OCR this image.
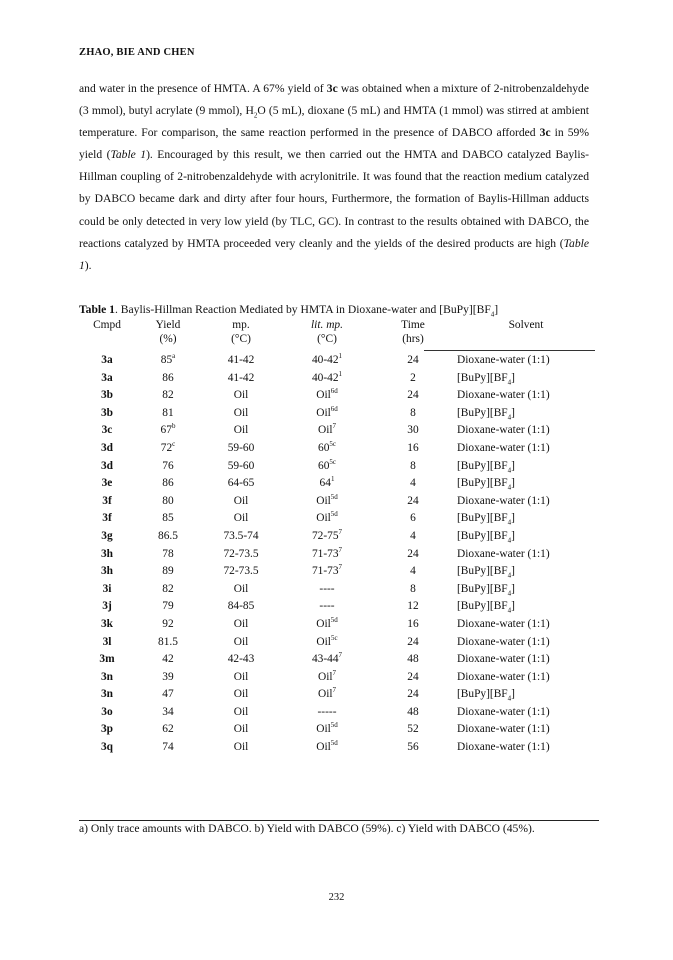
ZHAO, BIE AND CHEN

and water in the presence of HMTA. A 67% yield of 3c was obtained when a mixture of 2-nitrobenzaldehyde (3 mmol), butyl acrylate (9 mmol), $H_2O$ (5 mL), dioxane (5 mL) and HMTA (1 mmol) was stirred at ambient temperature. For comparison, the same reaction performed in the presence of DABCO afforded 3c in 59% yield (Table 1). Encouraged by this result, we then carried out the HMTA and DABCO catalyzed Baylis-Hillman coupling of 2-nitrobenzaldehyde with acrylonitrile. It was found that the reaction medium catalyzed by DABCO became dark and dirty after four hours, Furthermore, the formation of Baylis-Hillman adducts could be only detected in very low yield (by TLC, GC). In contrast to the results obtained with DABCO, the reactions catalyzed by HMTA proceeded very cleanly and the yields of the desired products are high (Table 1).

Table 1. Baylis-Hillman Reaction Mediated by HMTA in Dioxane-water and $[BuPy][BF_4]$

Cmpd	Yield	mp.	lit. mp.	Time	Solvent
	(%)	(°C)	(°C)	(hrs)	
3a	85$^a$	41-42	$40-42^1$	24	Dioxane-water (1:1)
3a	86	41-42	$40-42^1$	2	$[BuPy][BF_4]$
3b	82	Oil	Oil$^{6d}$	24	Dioxane-water (1:1)
3b	81	Oil	Oil$^{6d}$	8	$[BuPy][BF_4]$
3c	67$^b$	Oil	Oil$^7$	30	Dioxane-water (1:1)
3d	72$^c$	59-60	$60^{5c}$	16	Dioxane-water (1:1)
3d	76	59-60	$60^{5c}$	8	$[BuPy][BF_4]$
3e	86	64-65	$64^1$	4	$[BuPy][BF_4]$
3f	80	Oil	Oil$^{5d}$	24	Dioxane-water (1:1)
3f	85	Oil	Oil$^{5d}$	6	$[BuPy][BF_4]$
3g	86.5	73.5-74	$72-75^7$	4	$[BuPy][BF_4]$
3h	78	72-73.5	$71-73^7$	24	Dioxane-water (1:1)
3h	89	72-73.5	$71-73^7$	4	$[BuPy][BF_4]$
3i	82	Oil	----	8	$[BuPy][BF_4]$
3j	79	84-85	----	12	$[BuPy][BF_4]$
3k	92	Oil	Oil$^{5d}$	16	Dioxane-water (1:1)
3l	81.5	Oil	Oil$^{5c}$	24	Dioxane-water (1:1)
3m	42	42-43	$43-44^7$	48	Dioxane-water (1:1)
3n	39	Oil	Oil$^7$	24	Dioxane-water (1:1)
3n	47	Oil	Oil$^7$	24	$[BuPy][BF_4]$
3o	34	Oil	-----	48	Dioxane-water (1:1)
3p	62	Oil	Oil$^{5d}$	52	Dioxane-water (1:1)
3q	74	Oil	Oil$^{5d}$	56	Dioxane-water (1:1)

a) Only trace amounts with DABCO. b) Yield with DABCO (59%). c) Yield with DABCO (45%).

232
